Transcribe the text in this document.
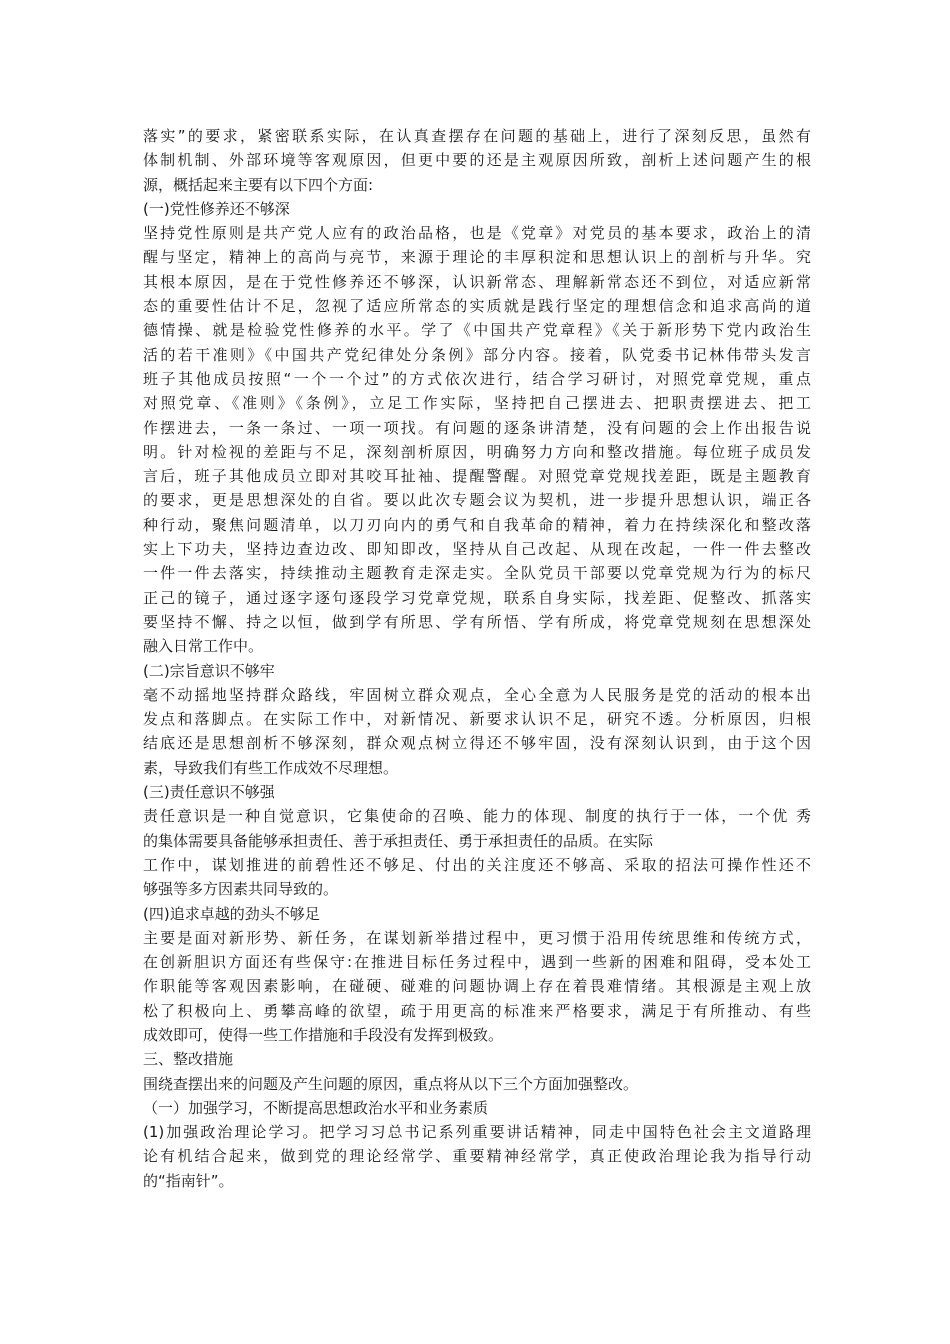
落实”的要求，紧密联系实际，在认真查摆存在问题的基础上，进行了深刻反思，虽然有
体制机制、外部环境等客观原因，但更中要的还是主观原因所致，剖析上述问题产生的根
源，概括起来主要有以下四个方面:
(一)党性修养还不够深
坚持党性原则是共产党人应有的政治品格，也是《党章》对党员的基本要求，政治上的清
醒与坚定，精神上的高尚与亮节，来源于理论的丰厚积淀和思想认识上的剖析与升华。究
其根本原因，是在于党性修养还不够深，认识新常态、理解新常态还不到位，对适应新常
态的重要性估计不足，忽视了适应所常态的实质就是践行坚定的理想信念和追求高尚的道
德情操、就是检验党性修养的水平。学了《中国共产党章程》《关于新形势下党内政治生
活的若干准则》《中国共产党纪律处分条例》部分内容。接着，队党委书记林伟带头发言
班子其他成员按照“一个一个过”的方式依次进行，结合学习研讨，对照党章党规，重点
对照党章、《准则》《条例》，立足工作实际，坚持把自己摆进去、把职责摆进去、把工
作摆进去，一条一条过、一项一项找。有问题的逐条讲清楚，没有问题的会上作出报告说
明。针对检视的差距与不足，深刻剖析原因，明确努力方向和整改措施。每位班子成员发
言后，班子其他成员立即对其咬耳扯袖、提醒警醒。对照党章党规找差距，既是主题教育
的要求，更是思想深处的自省。要以此次专题会议为契机，进一步提升思想认识，端正各
种行动，聚焦问题清单，以刀刃向内的勇气和自我革命的精神，着力在持续深化和整改落
实上下功夫，坚持边查边改、即知即改，坚持从自己改起、从现在改起，一件一件去整改
一件一件去落实，持续推动主题教育走深走实。全队党员干部要以党章党规为行为的标尺
正己的镜子，通过逐字逐句逐段学习党章党规，联系自身实际，找差距、促整改、抓落实
要坚持不懈、持之以恒，做到学有所思、学有所悟、学有所成，将党章党规刻在思想深处
融入日常工作中。
(二)宗旨意识不够牢
毫不动摇地坚持群众路线，牢固树立群众观点，全心全意为人民服务是党的活动的根本出
发点和落脚点。在实际工作中，对新情况、新要求认识不足，研究不透。分析原因，归根
结底还是思想剖析不够深刻，群众观点树立得还不够牢固，没有深刻认识到，由于这个因
素，导致我们有些工作成效不尽理想。
(三)责任意识不够强
责任意识是一种自觉意识，它集使命的召唤、能力的体现、制度的执行于一体，一个优 秀
的集体需要具备能够承担责任、善于承担责任、勇于承担责任的品质。在实际
工作中，谋划推进的前碧性还不够足、付出的关注度还不够高、采取的招法可操作性还不
够强等多方因素共同导致的。
(四)追求卓越的劲头不够足
主要是面对新形势、新任务，在谋划新举措过程中，更习惯于沿用传统思维和传统方式，
在创新胆识方面还有些保守:在推进目标任务过程中，遇到一些新的困难和阻碍，受本处工
作职能等客观因素影响，在碰硬、碰难的问题协调上存在着畏难情绪。其根源是主观上放
松了积极向上、勇攀高峰的欲望，疏于用更高的标准来严格要求，满足于有所推动、有些
成效即可，使得一些工作措施和手段没有发挥到极致。
三、整改措施
围绕查摆出来的问题及产生问题的原因，重点将从以下三个方面加强整改。
（一）加强学习，不断提高思想政治水平和业务素质
(1)加强政治理论学习。把学习习总书记系列重要讲话精神，同走中国特色社会主文道路理
论有机结合起来，做到党的理论经常学、重要精神经常学，真正使政治理论我为指导行动
的“指南针”。
